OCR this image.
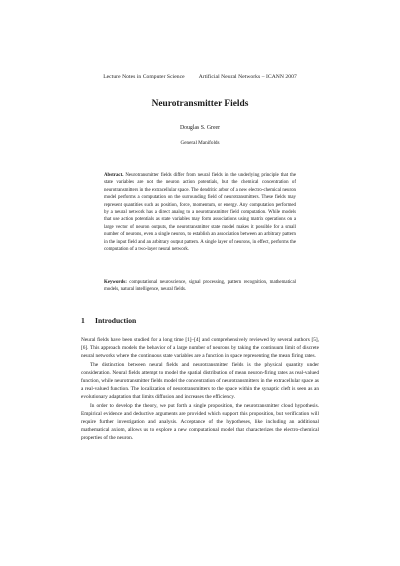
Lecture Notes in Computer Science	Artificial Neural Networks – ICANN 2007
Neurotransmitter Fields
Douglas S. Greer
General Manifolds
Abstract. Neurotransmitter fields differ from neural fields in the underlying principle that the state variables are not the neuron action potentials, but the chemical concentration of neurotransmitters in the extracellular space. The dendritic arbor of a new electro-chemical neuron model performs a computation on the surrounding field of neurotransmitters. These fields may represent quantities such as position, force, momentum, or energy. Any computation performed by a neural network has a direct analog to a neurotransmitter field computation. While models that use action potentials as state variables may form associations using matrix operations on a large vector of neuron outputs, the neurotransmitter state model makes it possible for a small number of neurons, even a single neuron, to establish an association between an arbitrary pattern in the input field and an arbitrary output pattern. A single layer of neurons, in effect, performs the computation of a two-layer neural network.
Keywords: computational neuroscience, signal processing, pattern recognition, mathematical models, natural intelligence, neural fields.
1 Introduction

Neural fields have been studied for a long time [1]–[4] and comprehensively reviewed by several authors [5], [6]. This approach models the behavior of a large number of neurons by taking the continuum limit of discrete neural networks where the continuous state variables are a function in space representing the mean firing rates.

The distinction between neural fields and neurotransmitter fields is the physical quantity under consideration. Neural fields attempt to model the spatial distribution of mean neuron-firing rates as real-valued function, while neurotransmitter fields model the concentration of neurotransmitters in the extracellular space as a real-valued function. The localization of neurotransmitters to the space within the synaptic cleft is seen as an evolutionary adaptation that limits diffusion and increases the efficiency.

In order to develop the theory, we put forth a single proposition, the neurotransmitter cloud hypothesis. Empirical evidence and deductive arguments are provided which support this proposition, but verification will require further investigation and analysis. Acceptance of the hypotheses, like including an additional mathematical axiom, allows us to explore a new computational model that characterizes the electro-chemical properties of the neuron.
